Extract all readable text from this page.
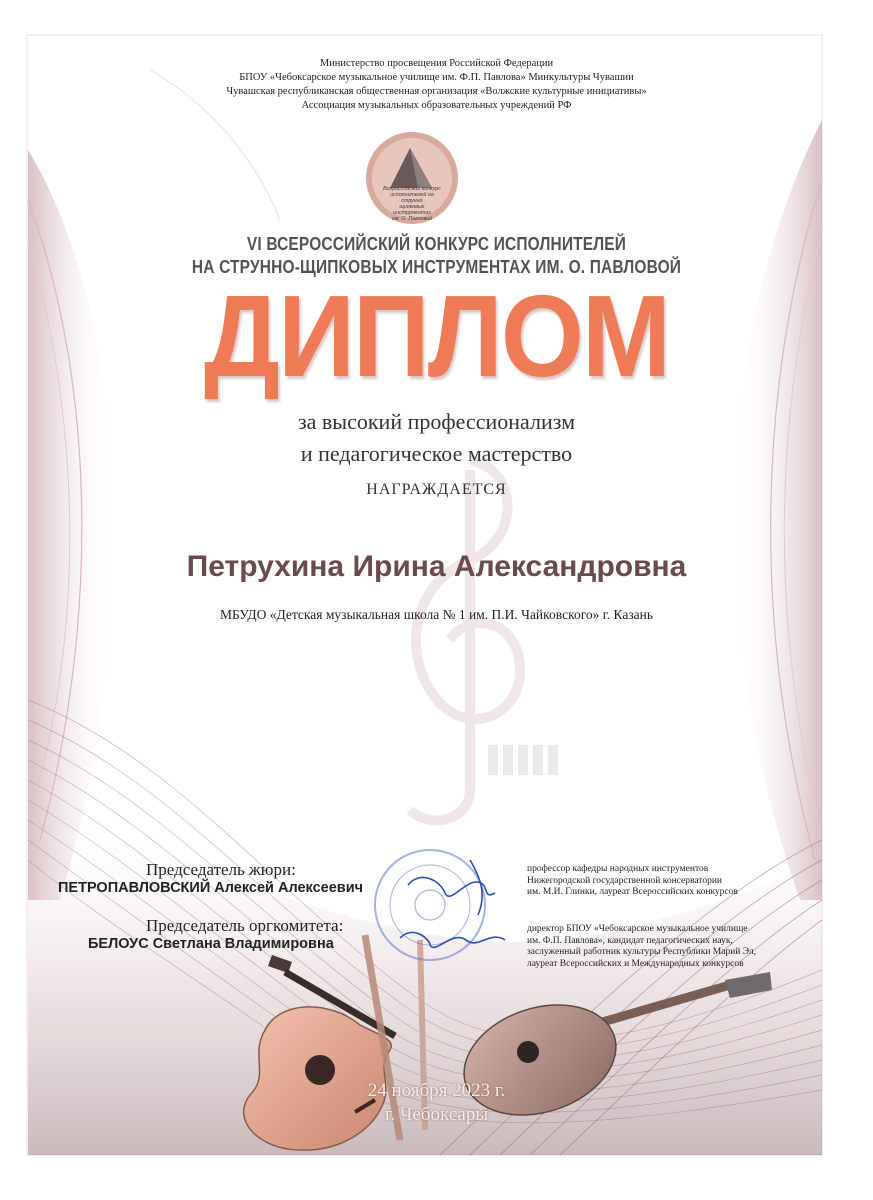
Министерство просвещения Российской Федерации
БПОУ «Чебоксарское музыкальное училище им. Ф.П. Павлова» Минкультуры Чувашии
Чувашская республиканская общественная организация «Волжские культурные инициативы»
Ассоциация музыкальных образовательных учреждений РФ
Всероссийский конкурс
исполнителей на струнно
щипковых инструментах
им. О. Павловой
VI ВСЕРОССИЙСКИЙ КОНКУРС ИСПОЛНИТЕЛЕЙ
НА СТРУННО-ЩИПКОВЫХ ИНСТРУМЕНТАХ ИМ. О. ПАВЛОВОЙ
ДИПЛОМ
за высокий профессионализм
и педагогическое мастерство
НАГРАЖДАЕТСЯ
Петрухина Ирина Александровна
МБУДО «Детская музыкальная школа № 1 им. П.И. Чайковского» г. Казань
Председатель жюри:
ПЕТРОПАВЛОВСКИЙ Алексей Алексеевич
профессор кафедры народных инструментов
Нижегородской государственной консерватории
им. М.И. Глинки, лауреат Всероссийских конкурсов
Председатель оргкомитета:
БЕЛОУС Светлана Владимировна
директор БПОУ «Чебоксарское музыкальное училище
им. Ф.П. Павлова», кандидат педагогических наук,
заслуженный работник культуры Республики Марий Эл,
лауреат Всероссийских и Международных конкурсов
24 ноября 2023 г.
г. Чебоксары
